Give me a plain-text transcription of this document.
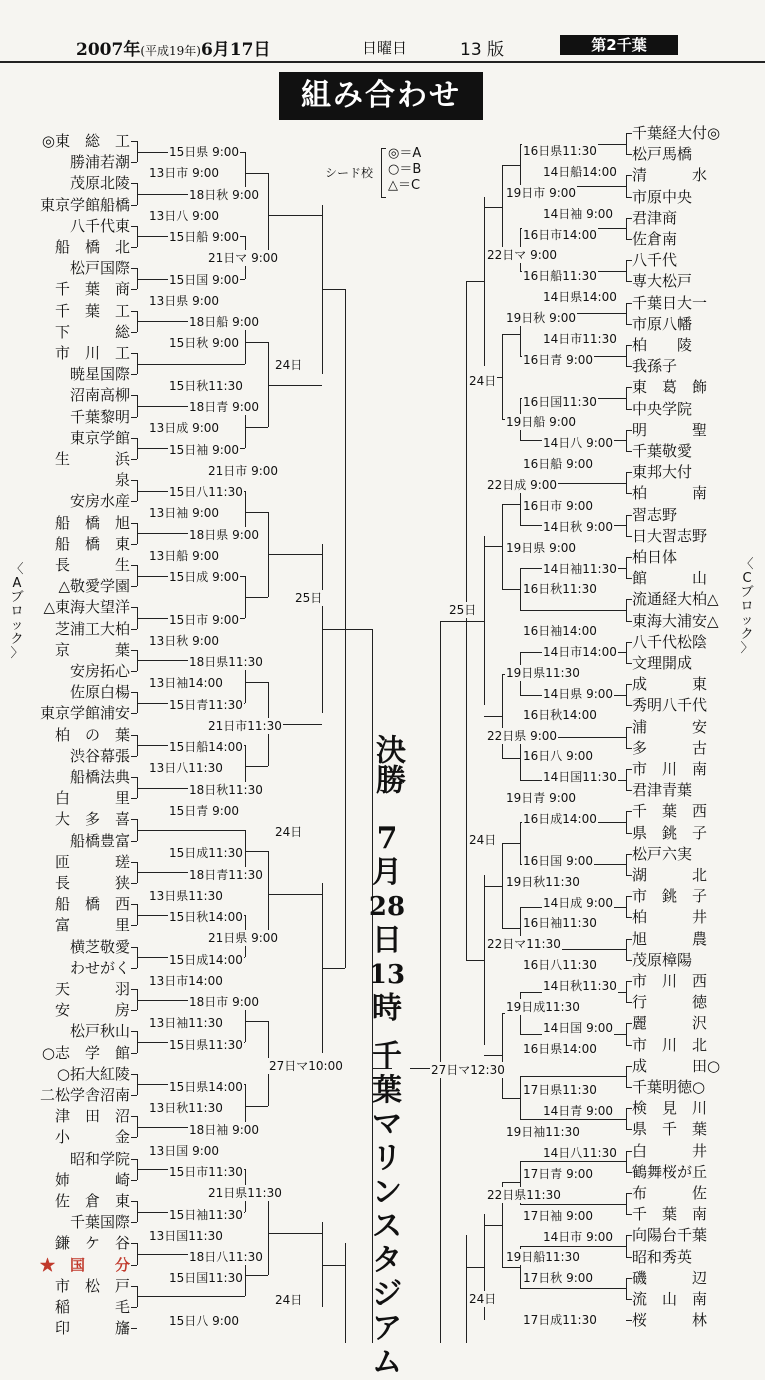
2007年(平成19年)6月17日	日曜日	13 版	第2千葉
組み合わせ
シード校
◎＝A
○＝B
△＝C
◎東　総　工
勝浦若潮
茂原北陵
東京学館船橋
八千代東
船　橋　北
松戸国際
千　葉　商
千　葉　工
下　　　総
市　川　工
暁星国際
沼南高柳
千葉黎明
東京学館
生　　　浜
泉
安房水産
船　橋　旭
船　橋　東
長　　　生
△敬愛学園
△東海大望洋
芝浦工大柏
京　　　葉
安房拓心
佐原白楊
東京学館浦安
柏　の　葉
渋谷幕張
船橋法典
白　　　里
大　多　喜
船橋豊富
匝　　　瑳
長　　　狭
船　橋　西
富　　　里
横芝敬愛
わせがく
天　　　羽
安　　　房
松戸秋山
○志　学　館
○拓大紅陵
二松学舎沼南
津　田　沼
小　　　金
昭和学院
姉　　　崎
佐　倉　東
千葉国際
鎌　ケ　谷
★　国　　分
市　松　戸
稲　　　毛
印　　　旛
千葉経大付◎
松戸馬橋
清　　　水
市原中央
君津商
佐倉南
八千代
専大松戸
千葉日大一
市原八幡
柏　　陵
我孫子
東　葛　飾
中央学院
明　　　聖
千葉敬愛
東邦大付
柏　　　南
習志野
日大習志野
柏日体
館　　　山
流通経大柏△
東海大浦安△
八千代松陰
文理開成
成　　　東
秀明八千代
浦　　　安
多　　　古
市　川　南
君津青葉
千　葉　西
県　銚　子
松戸六実
湖　　　北
市　銚　子
柏　　　井
旭　　　農
茂原樟陽
市　川　西
行　　　徳
麗　　　沢
市　川　北
成　　　田○
千葉明徳○
検　見　川
県　千　葉
白　　　井
鶴舞桜が丘
布　　　佐
千　葉　南
向陽台千葉
昭和秀英
磯　　　辺
流　山　南
桜　　　林
15日県 9:00
13日市 9:00
18日秋 9:00
13日八 9:00
15日船 9:00
21日マ 9:00
15日国 9:00
13日県 9:00
18日船 9:00
15日秋 9:00
24日
15日秋11:30
18日青 9:00
13日成 9:00
15日袖 9:00
21日市 9:00
15日八11:30
13日袖 9:00
18日県 9:00
13日船 9:00
15日成 9:00
25日
15日市 9:00
13日秋 9:00
18日県11:30
13日袖14:00
15日青11:30
21日市11:30
15日船14:00
13日八11:30
18日秋11:30
15日青 9:00
24日
15日成11:30
18日青11:30
13日県11:30
15日秋14:00
21日県 9:00
15日成14:00
13日市14:00
18日市 9:00
13日袖11:30
15日県11:30
27日マ10:00
15日県14:00
13日秋11:30
18日袖 9:00
13日国 9:00
15日市11:30
21日県11:30
15日袖11:30
13日国11:30
18日八11:30
15日国11:30
24日
15日八 9:00
16日県11:30
14日船14:00
19日市 9:00
14日袖 9:00
16日市14:00
22日マ 9:00
16日船11:30
14日県14:00
19日秋 9:00
14日市11:30
16日青 9:00
24日
16日国11:30
19日船 9:00
14日八 9:00
16日船 9:00
22日成 9:00
16日市 9:00
14日秋 9:00
19日県 9:00
14日袖11:30
16日秋11:30
25日
16日袖14:00
14日市14:00
19日県11:30
14日県 9:00
16日秋14:00
22日県 9:00
16日八 9:00
14日国11:30
19日青 9:00
16日成14:00
24日
16日国 9:00
19日秋11:30
14日成 9:00
16日袖11:30
22日マ11:30
16日八11:30
14日秋11:30
19日成11:30
14日国 9:00
16日県14:00
27日マ12:30
17日県11:30
14日青 9:00
19日袖11:30
14日八11:30
17日青 9:00
22日県11:30
17日袖 9:00
14日市 9:00
19日船11:30
17日秋 9:00
24日
17日成11:30
決勝
7
月
28
日
13
時
千
葉
マ
リ
ン
ス
タ
ジ
ア
ム
〈
A
ブ
ロ
ッ
ク
〉
〈
C
ブ
ロ
ッ
ク
〉
